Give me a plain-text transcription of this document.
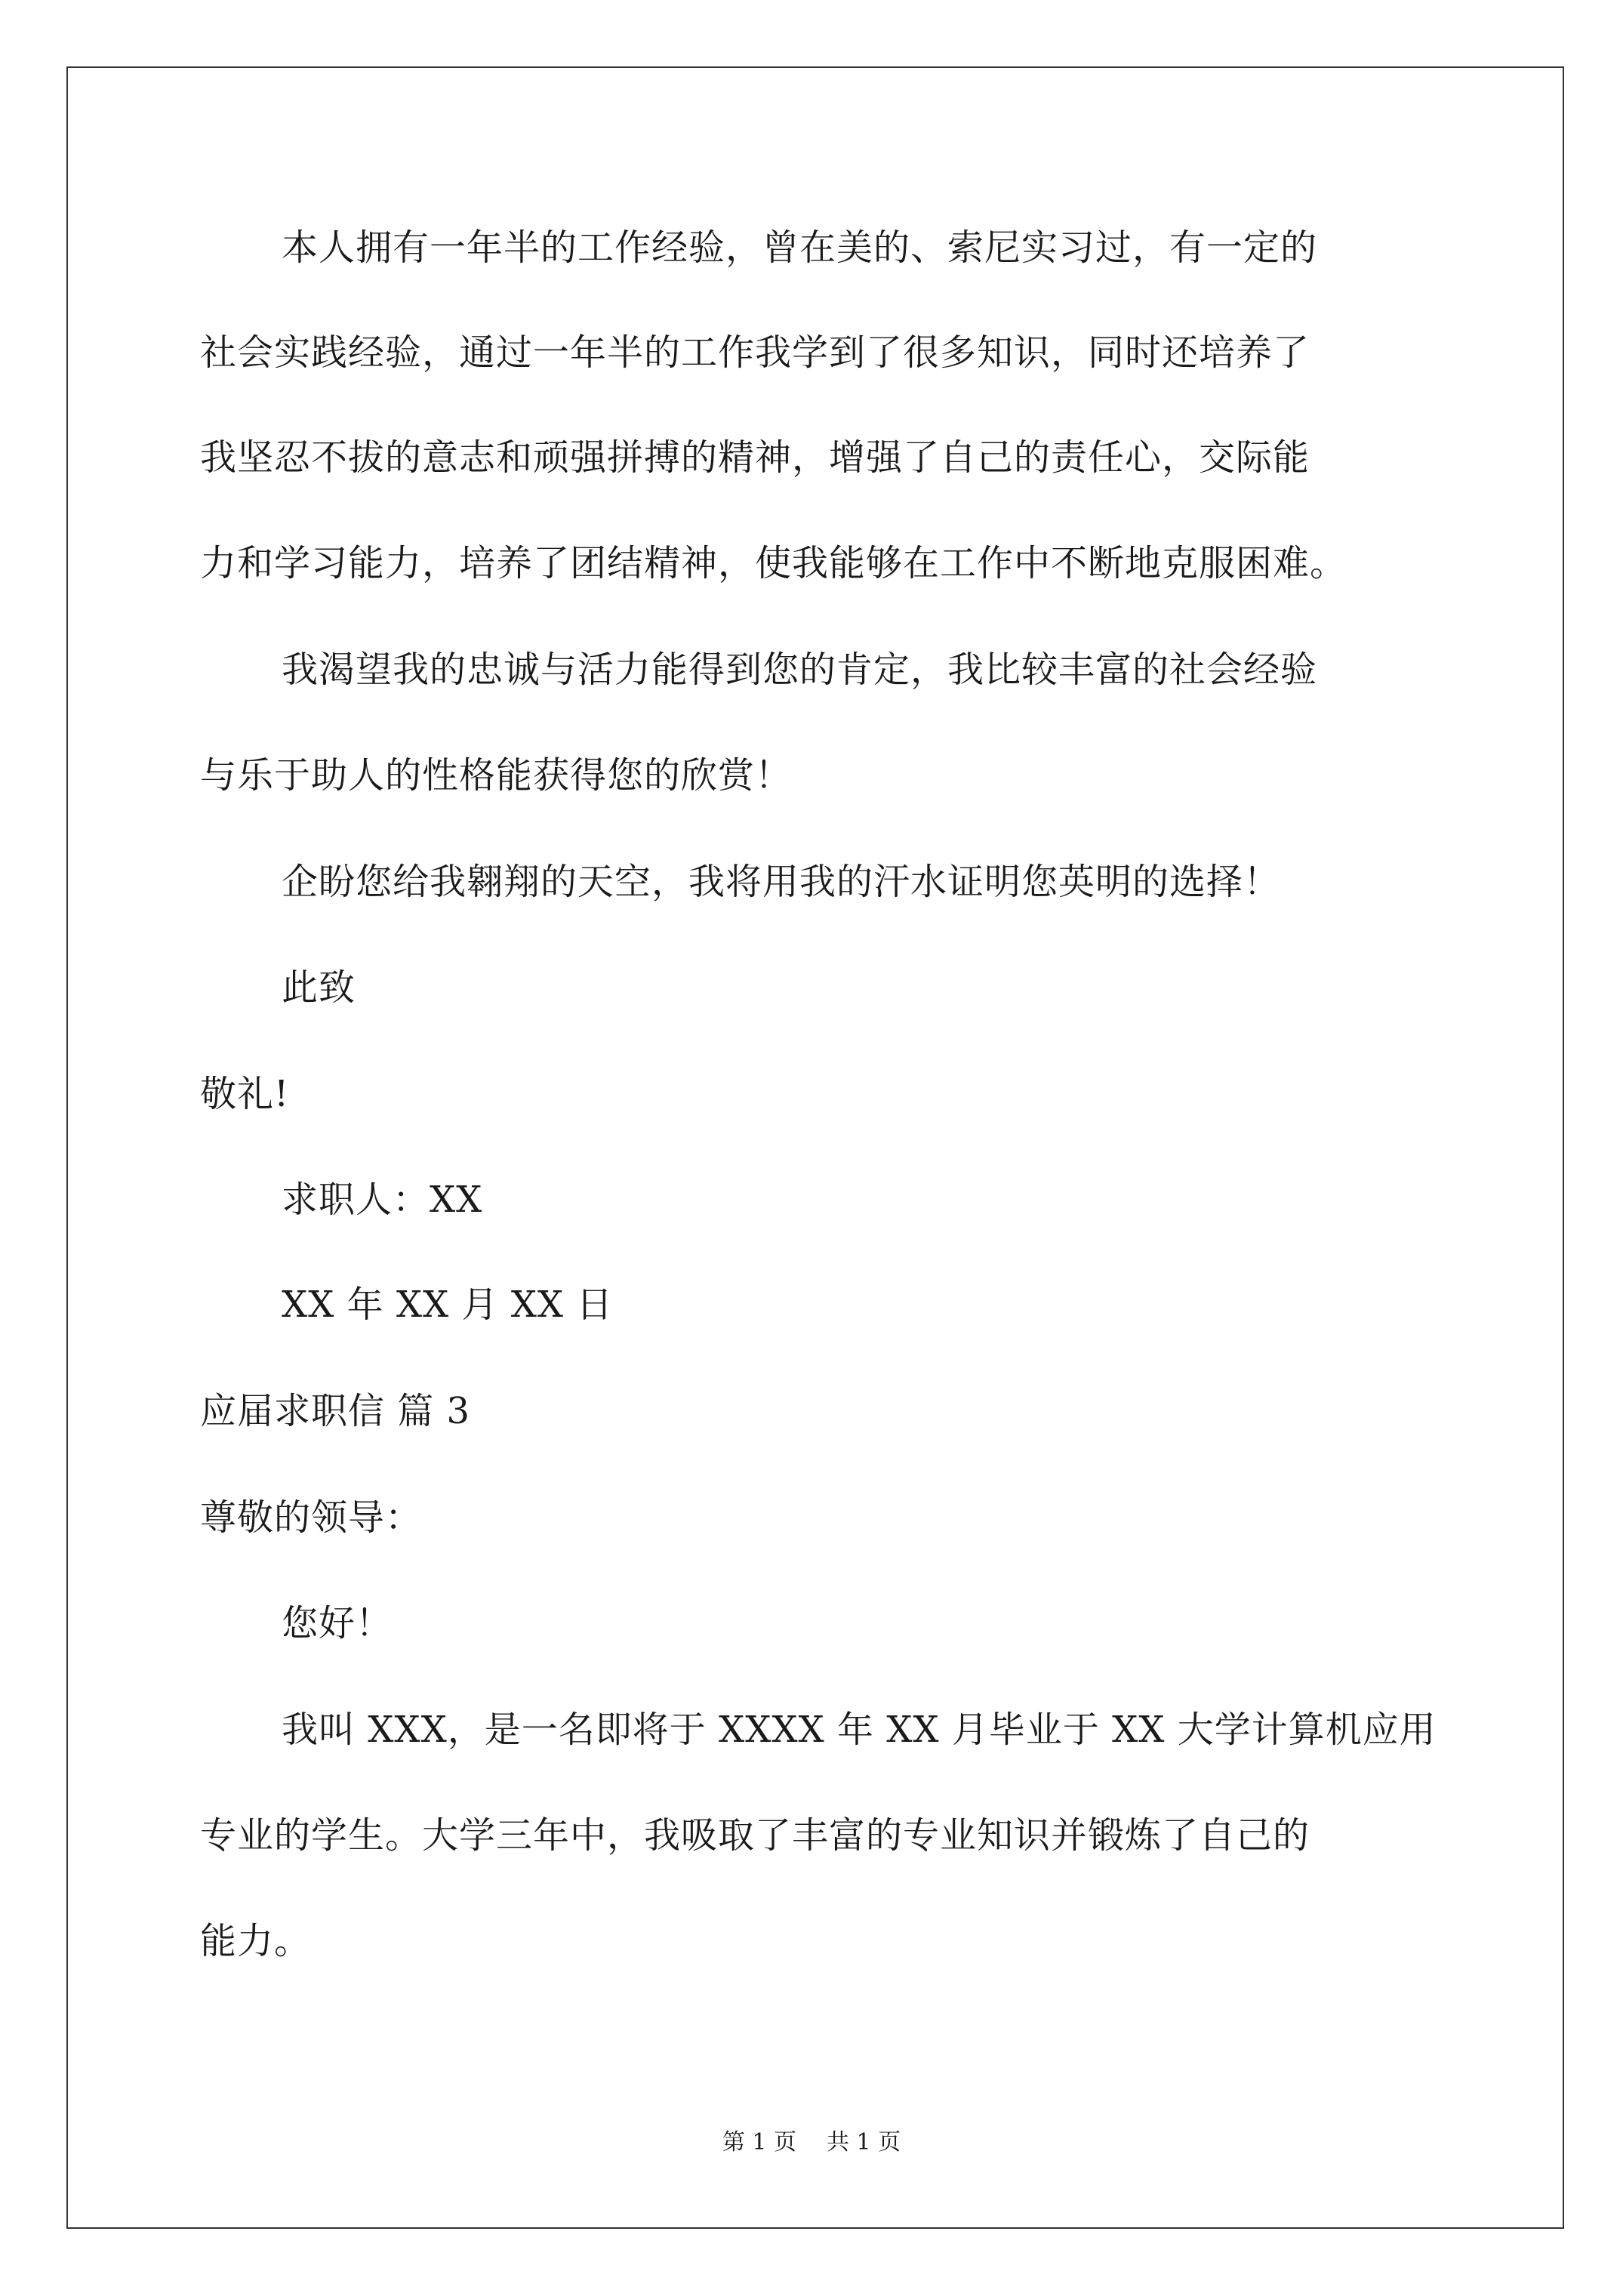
本人拥有一年半的工作经验，曾在美的、索尼实习过，有一定的
社会实践经验，通过一年半的工作我学到了很多知识，同时还培养了
我坚忍不拔的意志和顽强拼搏的精神，增强了自己的责任心，交际能
力和学习能力，培养了团结精神，使我能够在工作中不断地克服困难。
我渴望我的忠诚与活力能得到您的肯定，我比较丰富的社会经验
与乐于助人的性格能获得您的欣赏！
企盼您给我翱翔的天空，我将用我的汗水证明您英明的选择！
此致
敬礼!
求职人：XX
XX 年 XX 月 XX 日
应届求职信 篇 3
尊敬的领导：
您好！
我叫 XXX，是一名即将于 XXXX 年 XX 月毕业于 XX 大学计算机应用
专业的学生。大学三年中，我吸取了丰富的专业知识并锻炼了自己的
能力。
第 1 页 共 1 页
